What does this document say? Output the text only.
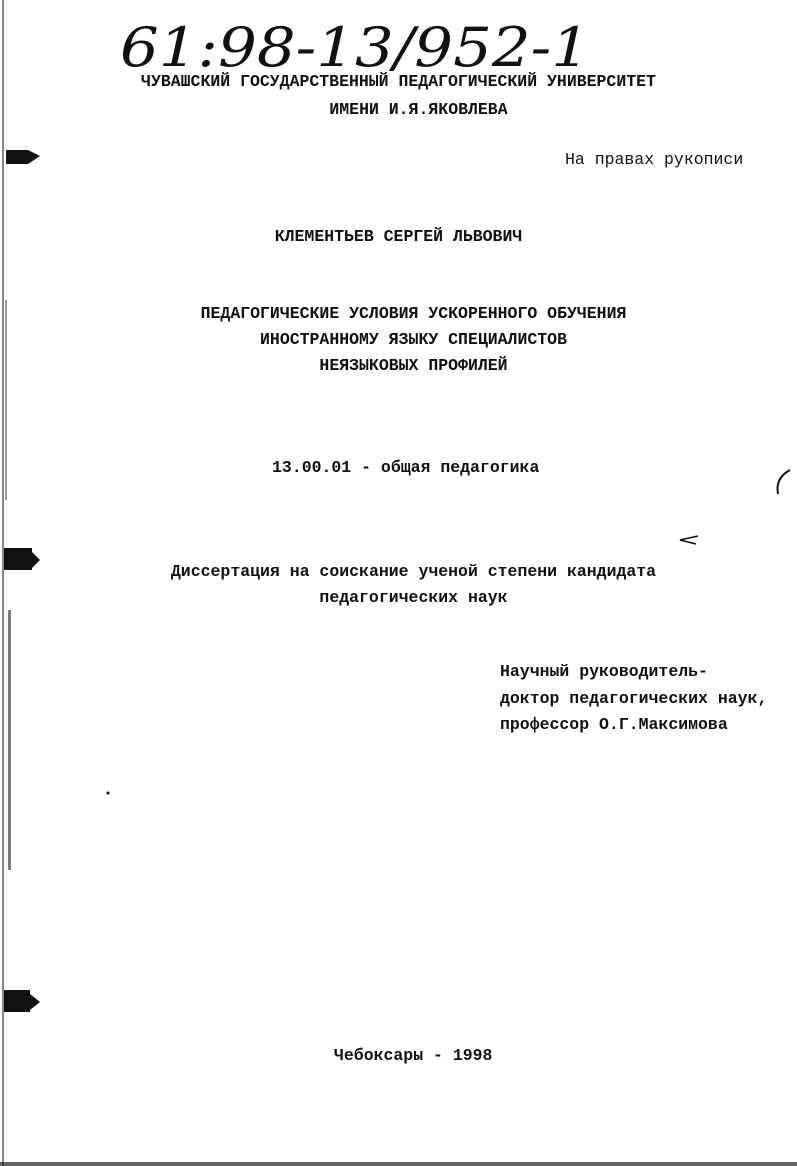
61:98-13/952-1
ЧУВАШСКИЙ ГОСУДАРСТВЕННЫЙ ПЕДАГОГИЧЕСКИЙ УНИВЕРСИТЕТ
ИМЕНИ И.Я.ЯКОВЛЕВА
На правах рукописи
КЛЕМЕНТЬЕВ СЕРГЕЙ ЛЬВОВИЧ
ПЕДАГОГИЧЕСКИЕ УСЛОВИЯ УСКОРЕННОГО ОБУЧЕНИЯ
ИНОСТРАННОМУ ЯЗЫКУ СПЕЦИАЛИСТОВ
НЕЯЗЫКОВЫХ ПРОФИЛЕЙ
13.00.01 - общая педагогика
Диссертация на соискание ученой степени кандидата
педагогических наук
Научный руководитель-
доктор педагогических наук,
профессор О.Г.Максимова
Чебоксары - 1998
